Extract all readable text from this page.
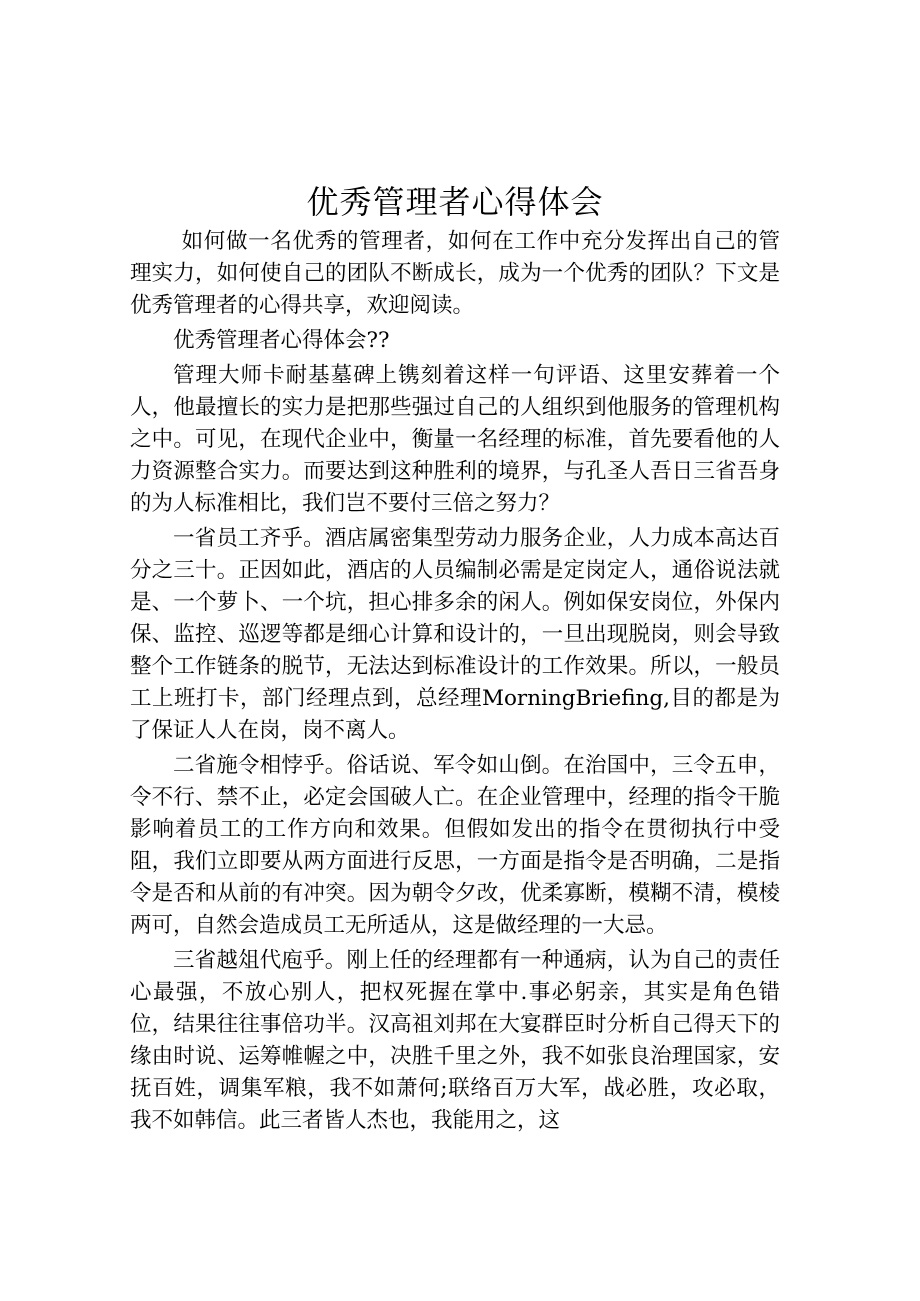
优秀管理者心得体会

如何做一名优秀的管理者，如何在工作中充分发挥出自己的管理实力，如何使自己的团队不断成长，成为一个优秀的团队？下文是优秀管理者的心得共享，欢迎阅读。

优秀管理者心得体会??

管理大师卡耐基墓碑上镌刻着这样一句评语、这里安葬着一个人，他最擅长的实力是把那些强过自己的人组织到他服务的管理机构之中。可见，在现代企业中，衡量一名经理的标准，首先要看他的人力资源整合实力。而要达到这种胜利的境界，与孔圣人吾日三省吾身的为人标准相比，我们岂不要付三倍之努力？

一省员工齐乎。酒店属密集型劳动力服务企业，人力成本高达百分之三十。正因如此，酒店的人员编制必需是定岗定人，通俗说法就是、一个萝卜、一个坑，担心排多余的闲人。例如保安岗位，外保内保、监控、巡逻等都是细心计算和设计的，一旦出现脱岗，则会导致整个工作链条的脱节，无法达到标准设计的工作效果。所以，一般员工上班打卡，部门经理点到，总经理MorningBriefing,目的都是为了保证人人在岗，岗不离人。

二省施令相悖乎。俗话说、军令如山倒。在治国中，三令五申，令不行、禁不止，必定会国破人亡。在企业管理中，经理的指令干脆影响着员工的工作方向和效果。但假如发出的指令在贯彻执行中受阻，我们立即要从两方面进行反思，一方面是指令是否明确，二是指令是否和从前的有冲突。因为朝令夕改，优柔寡断，模糊不清，模棱两可，自然会造成员工无所适从，这是做经理的一大忌。

三省越俎代庖乎。刚上任的经理都有一种通病，认为自己的责任心最强，不放心别人，把权死握在掌中.事必躬亲，其实是角色错位，结果往往事倍功半。汉高祖刘邦在大宴群臣时分析自己得天下的缘由时说、运筹帷幄之中，决胜千里之外，我不如张良治理国家，安抚百姓，调集军粮，我不如萧何;联络百万大军，战必胜，攻必取，我不如韩信。此三者皆人杰也，我能用之，这
